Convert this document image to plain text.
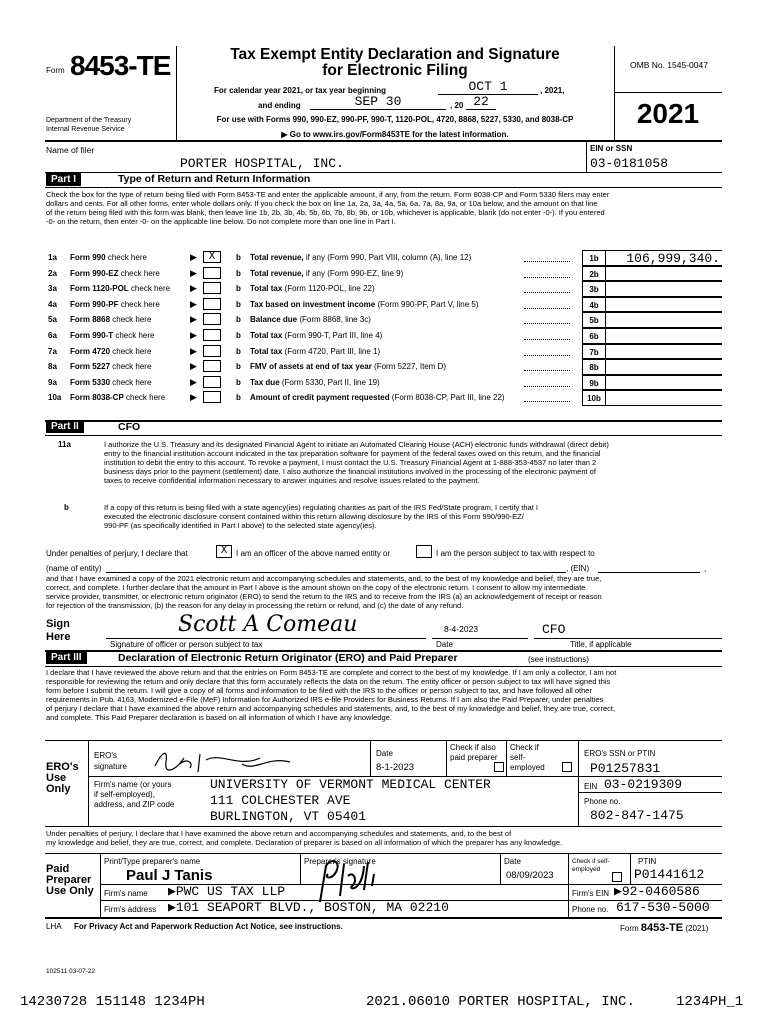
Form 8453-TE
Department of the Treasury
Internal Revenue Service
Tax Exempt Entity Declaration and Signature
for Electronic Filing
For calendar year 2021, or tax year beginning	OCT 1	, 2021,
and ending	SEP 30	, 20 22
For use with Forms 990, 990-EZ, 990-PF, 990-T, 1120-POL, 4720, 8868, 5227, 5330, and 8038-CP
▶ Go to www.irs.gov/Form8453TE for the latest information.
OMB No. 1545-0047
2021
Name of filer
PORTER HOSPITAL, INC.
EIN or SSN
03-0181058
Part I	Type of Return and Return Information
Check the box for the type of return being filed with Form 8453-TE and enter the applicable amount, if any, from the return. Form 8038-CP and Form 5330 filers may enter
dollars and cents. For all other forms, enter whole dollars only. If you check the box on line 1a, 2a, 3a, 4a, 5a, 6a, 7a, 8a, 9a, or 10a below, and the amount on that line
of the return being filed with this form was blank, then leave line 1b, 2b, 3b, 4b, 5b, 6b, 7b, 8b, 9b, or 10b, whichever is applicable, blank (do not enter -0-). If you entered
-0- on the return, then enter -0- on the applicable line below. Do not complete more than one line in Part I.
1a Form 990 check here	▶	X	b Total revenue, if any (Form 990, Part VIII, column (A), line 12)	1b	106,999,340.
2a Form 990-EZ check here	▶	b Total revenue, if any (Form 990-EZ, line 9)	2b
3a Form 1120-POL check here ▶	b Total tax (Form 1120-POL, line 22)	3b
4a Form 990-PF check here	▶	b Tax based on investment income (Form 990-PF, Part V, line 5)	4b
5a Form 8868 check here	▶	b Balance due (Form 8868, line 3c)	5b
6a Form 990-T check here	▶	b Total tax (Form 990-T, Part III, line 4)	6b
7a Form 4720 check here	▶	b Total tax (Form 4720, Part III, line 1)	7b
8a Form 5227 check here	▶	b FMV of assets at end of tax year (Form 5227, Item D)	8b
9a Form 5330 check here	▶	b Tax due (Form 5330, Part II, line 19)	9b
10a Form 8038-CP check here	▶	b Amount of credit payment requested (Form 8038-CP, Part III, line 22)	10b
Part II	CFO
11a	I authorize the U.S. Treasury and its designated Financial Agent to initiate an Automated Clearing House (ACH) electronic funds withdrawal (direct debit)
entry to the financial institution account indicated in the tax preparation software for payment of the federal taxes owed on this return, and the financial
institution to debit the entry to this account. To revoke a payment, I must contact the U.S. Treasury Financial Agent at 1-888-353-4537 no later than 2
business days prior to the payment (settlement) date. I also authorize the financial institutions involved in the processing of the electronic payment of
taxes to receive confidential information necessary to answer inquiries and resolve issues related to the payment.
b	If a copy of this return is being filed with a state agency(ies) regulating charities as part of the IRS Fed/State program, I certify that I
executed the electronic disclosure consent contained within this return allowing disclosure by the IRS of this Form 990/990-EZ/
990-PF (as specifically identified in Part I above) to the selected state agency(ies).
Under penalties of perjury, I declare that	X	I am an officer of the above named entity or	I am the person subject to tax with respect to
(name of entity)	, (EIN)	,
and that I have examined a copy of the 2021 electronic return and accompanying schedules and statements, and, to the best of my knowledge and belief, they are true,
correct, and complete. I further declare that the amount in Part I above is the amount shown on the copy of the electronic return. I consent to allow my intermediate
service provider, transmitter, or electronic return originator (ERO) to send the return to the IRS and to receive from the IRS (a) an acknowledgement of receipt or reason
for rejection of the transmission, (b) the reason for any delay in processing the return or refund, and (c) the date of any refund.
Sign
Here	Scott A Comeau
Signature of officer or person subject to tax
8-4-2023
Date
CFO
Title, if applicable
Part III	Declaration of Electronic Return Originator (ERO) and Paid Preparer	(see instructions)
I declare that I have reviewed the above return and that the entries on Form 8453-TE are complete and correct to the best of my knowledge. If I am only a collector, I am not
responsible for reviewing the return and only declare that this form accurately reflects the data on the return. The entity officer or person subject to tax will have signed this
form before I submit the return. I will give a copy of all forms and information to be filed with the IRS to the officer or person subject to tax, and have followed all other
requirements in Pub. 4163, Modernized e-File (MeF) Information for Authorized IRS e-file Providers for Business Returns. If I am also the Paid Preparer, under penalties
of perjury I declare that I have examined the above return and accompanying schedules and statements, and, to the best of my knowledge and belief, they are true, correct,
and complete. This Paid Preparer declaration is based on all information of which I have any knowledge.
ERO's
Use
Only
ERO's
signature
Date
8-1-2023
Check if also paid preparer
Check if self-employed
ERO's SSN or PTIN
P01257831
Firm's name (or yours
if self-employed),
address, and ZIP code
UNIVERSITY OF VERMONT MEDICAL CENTER
111 COLCHESTER AVE
BURLINGTON, VT 05401
EIN 03-0219309
Phone no.
802-847-1475
Under penalties of perjury, I declare that I have examined the above return and accompanying schedules and statements, and, to the best of
my knowledge and belief, they are true, correct, and complete. Declaration of preparer is based on all information of which the preparer has any knowledge.
Paid
Preparer
Use Only
Print/Type preparer's name
Paul J Tanis
Preparer's signature	Date
08/09/2023
Check if self-employed
PTIN
P01441612
Firm's name ▶PWC US TAX LLP	Firm's EIN ▶92-0460586
Firm's address ▶101 SEAPORT BLVD., BOSTON, MA 02210	Phone no. 617-530-5000
LHA For Privacy Act and Paperwork Reduction Act Notice, see instructions.	Form 8453-TE (2021)
102511 03-07-22
14230728 151148 1234PH	2021.06010 PORTER HOSPITAL, INC.	1234PH_1
